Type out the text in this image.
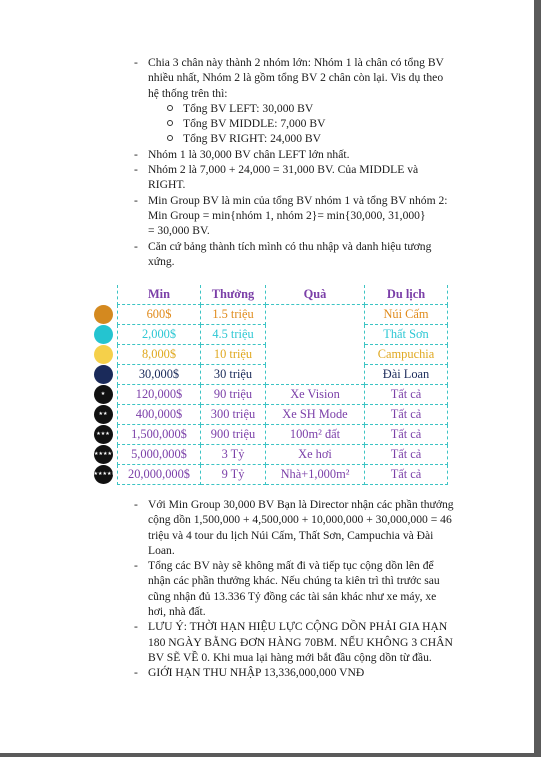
- Chia 3 chân này thành 2 nhóm lớn: Nhóm 1 là chân có tổng BV
nhiều nhất, Nhóm 2 là gồm tổng BV 2 chân còn lại. Vis dụ theo
hệ thống trên thì:
Tổng BV LEFT: 30,000 BV
Tổng BV MIDDLE: 7,000 BV
Tổng BV RIGHT: 24,000 BV
- Nhóm 1 là 30,000 BV chân LEFT lớn nhất.
- Nhóm 2 là 7,000 + 24,000 = 31,000 BV. Của MIDDLE và
RIGHT.
- Min Group BV là min của tổng BV nhóm 1 và tổng BV nhóm 2:
Min Group = min{nhóm 1, nhóm 2}= min{30,000, 31,000}
= 30,000 BV.
- Căn cứ bảng thành tích mình có thu nhập và danh hiệu tương
xứng.
	Min	Thưởng	Quà	Du lịch
	600$	1.5 triệu		Núi Cấm
	2,000$	4.5 triệu		Thất Sơn
	8,000$	10 triệu		Campuchia
	30,000$	30 triệu		Đài Loan

★	120,000$	90 triệu	Xe Vision	Tất cả

★★	400,000$	300 triệu	Xe SH Mode	Tất cả

★★★	1,500,000$	900 triệu	100m² đất	Tất cả

★★★★	5,000,000$	3 Tỷ	Xe hơi	Tất cả

★★★★★	20,000,000$	9 Tỷ	Nhà+1,000m²	Tất cả
- Với Min Group 30,000 BV Bạn là Director nhận các phần thưởng
cộng dồn 1,500,000 + 4,500,000 + 10,000,000 + 30,000,000 = 46
triệu và 4 tour du lịch Núi Cấm, Thất Sơn, Campuchia và Đài
Loan.
- Tổng các BV này sẽ không mất đi và tiếp tục cộng dồn lên để
nhận các phần thưởng khác. Nếu chúng ta kiên trì thì trước sau
cũng nhận đủ 13.336 Tỷ đồng các tài sản khác như xe máy, xe
hơi, nhà đất.
- LƯU Ý: THỜI HẠN HIỆU LỰC CỘNG DỒN PHẢI GIA HẠN
180 NGÀY BẰNG ĐƠN HÀNG 70BM. NẾU KHÔNG 3 CHÂN
BV SẼ VỀ 0. Khi mua lại hàng mới bắt đầu cộng dồn từ đầu.
- GIỚI HẠN THU NHẬP 13,336,000,000 VNĐ
